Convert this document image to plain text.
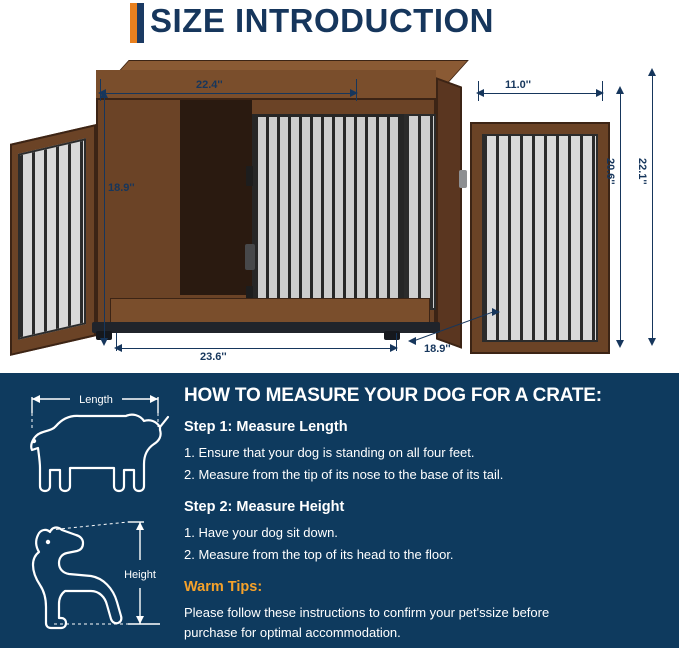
SIZE INTRODUCTION
22.4''	11.0''
18.9''
20.6'' 22.1''
23.6''
18.9''
HOW TO MEASURE YOUR DOG FOR A CRATE:
Step 1: Measure Length
1. Ensure that your dog is standing on all four feet.
2. Measure from the tip of its nose to the base of its tail.
Step 2: Measure Height
1. Have your dog sit down.
2. Measure from the top of its head to the floor.
Warm Tips:
Please follow these instructions to confirm your pet'ssize before
purchase for optimal accommodation.
Length
Height
